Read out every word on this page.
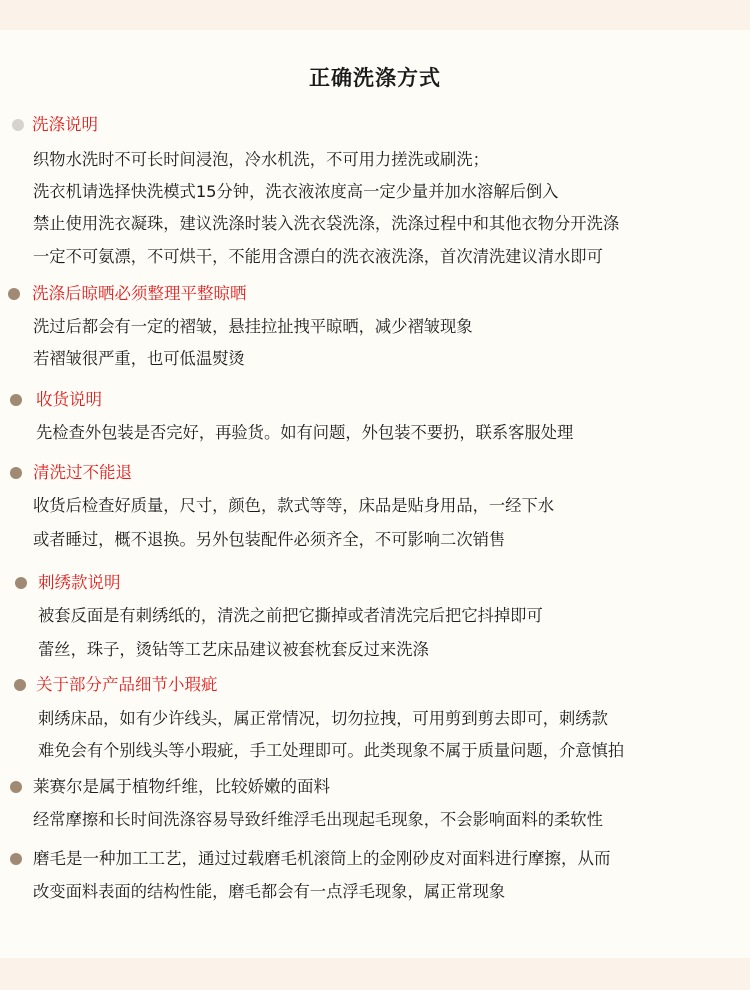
正确洗涤方式
洗涤说明
织物水洗时不可长时间浸泡，冷水机洗，不可用力搓洗或刷洗；
洗衣机请选择快洗模式15分钟，洗衣液浓度高一定少量并加水溶解后倒入
禁止使用洗衣凝珠，建议洗涤时装入洗衣袋洗涤，洗涤过程中和其他衣物分开洗涤
一定不可氨漂，不可烘干，不能用含漂白的洗衣液洗涤，首次清洗建议清水即可
洗涤后晾晒必须整理平整晾晒
洗过后都会有一定的褶皱，悬挂拉扯拽平晾晒，减少褶皱现象
若褶皱很严重，也可低温熨烫
收货说明
先检查外包装是否完好，再验货。如有问题，外包装不要扔，联系客服处理
清洗过不能退
收货后检查好质量，尺寸，颜色，款式等等，床品是贴身用品，一经下水
或者睡过，概不退换。另外包装配件必须齐全，不可影响二次销售
刺绣款说明
被套反面是有刺绣纸的，清洗之前把它撕掉或者清洗完后把它抖掉即可
蕾丝，珠子，烫钻等工艺床品建议被套枕套反过来洗涤
关于部分产品细节小瑕疵
刺绣床品，如有少许线头，属正常情况，切勿拉拽，可用剪到剪去即可，刺绣款
难免会有个别线头等小瑕疵，手工处理即可。此类现象不属于质量问题，介意慎拍
莱赛尔是属于植物纤维，比较娇嫩的面料
经常摩擦和长时间洗涤容易导致纤维浮毛出现起毛现象，不会影响面料的柔软性
磨毛是一种加工工艺，通过过载磨毛机滚筒上的金刚砂皮对面料进行摩擦，从而
改变面料表面的结构性能，磨毛都会有一点浮毛现象，属正常现象
